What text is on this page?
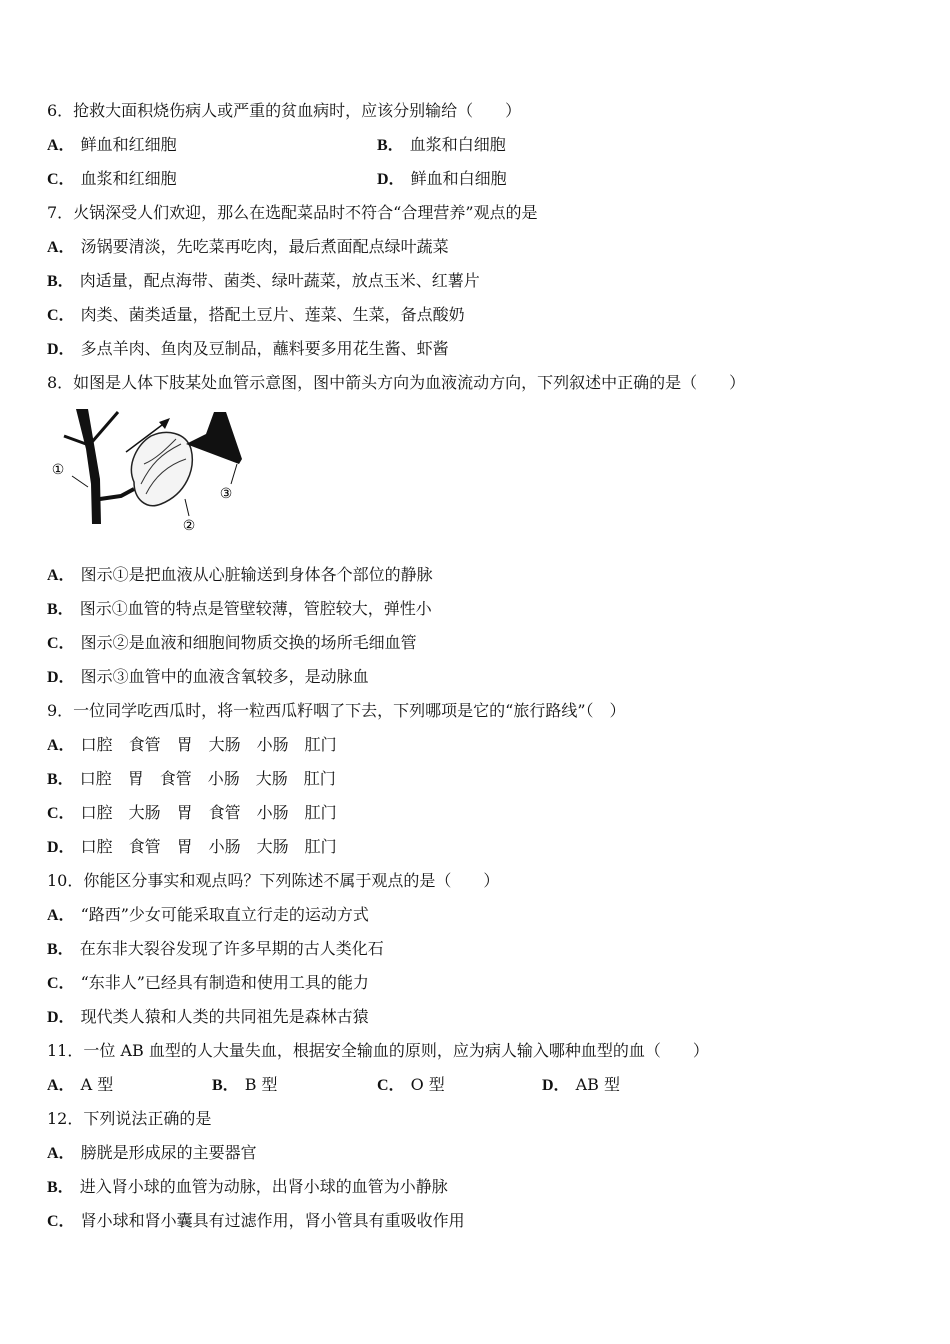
6．抢救大面积烧伤病人或严重的贫血病时，应该分别输给（　　）
A． 鲜血和红细胞	B． 血浆和白细胞
C． 血浆和红细胞	D． 鲜血和白细胞
7．火锅深受人们欢迎，那么在选配菜品时不符合“合理营养”观点的是
A． 汤锅要清淡，先吃菜再吃肉，最后煮面配点绿叶蔬菜
B． 肉适量，配点海带、菌类、绿叶蔬菜，放点玉米、红薯片
C． 肉类、菌类适量，搭配土豆片、莲菜、生菜，备点酸奶
D． 多点羊肉、鱼肉及豆制品，蘸料要多用花生酱、虾酱
8．如图是人体下肢某处血管示意图，图中箭头方向为血液流动方向，下列叙述中正确的是（　　）
①
②
③
A． 图示①是把血液从心脏输送到身体各个部位的静脉
B． 图示①血管的特点是管壁较薄，管腔较大，弹性小
C． 图示②是血液和细胞间物质交换的场所毛细血管
D． 图示③血管中的血液含氧较多，是动脉血
9．一位同学吃西瓜时，将一粒西瓜籽咽了下去，下列哪项是它的“旅行路线”（　）
A． 口腔　食管　胃　大肠　小肠　肛门
B． 口腔　胃　食管　小肠　大肠　肛门
C． 口腔　大肠　胃　食管　小肠　肛门
D． 口腔　食管　胃　小肠　大肠　肛门
10．你能区分事实和观点吗？下列陈述不属于观点的是（　　）
A． “路西”少女可能采取直立行走的运动方式
B． 在东非大裂谷发现了许多早期的古人类化石
C． “东非人”已经具有制造和使用工具的能力
D． 现代类人猿和人类的共同祖先是森林古猿
11．一位 AB 血型的人大量失血，根据安全输血的原则，应为病人输入哪种血型的血（　　）
A． A 型	B． B 型	C． O 型	D． AB 型
12．下列说法正确的是
A． 膀胱是形成尿的主要器官
B． 进入肾小球的血管为动脉，出肾小球的血管为小静脉
C． 肾小球和肾小囊具有过滤作用，肾小管具有重吸收作用
